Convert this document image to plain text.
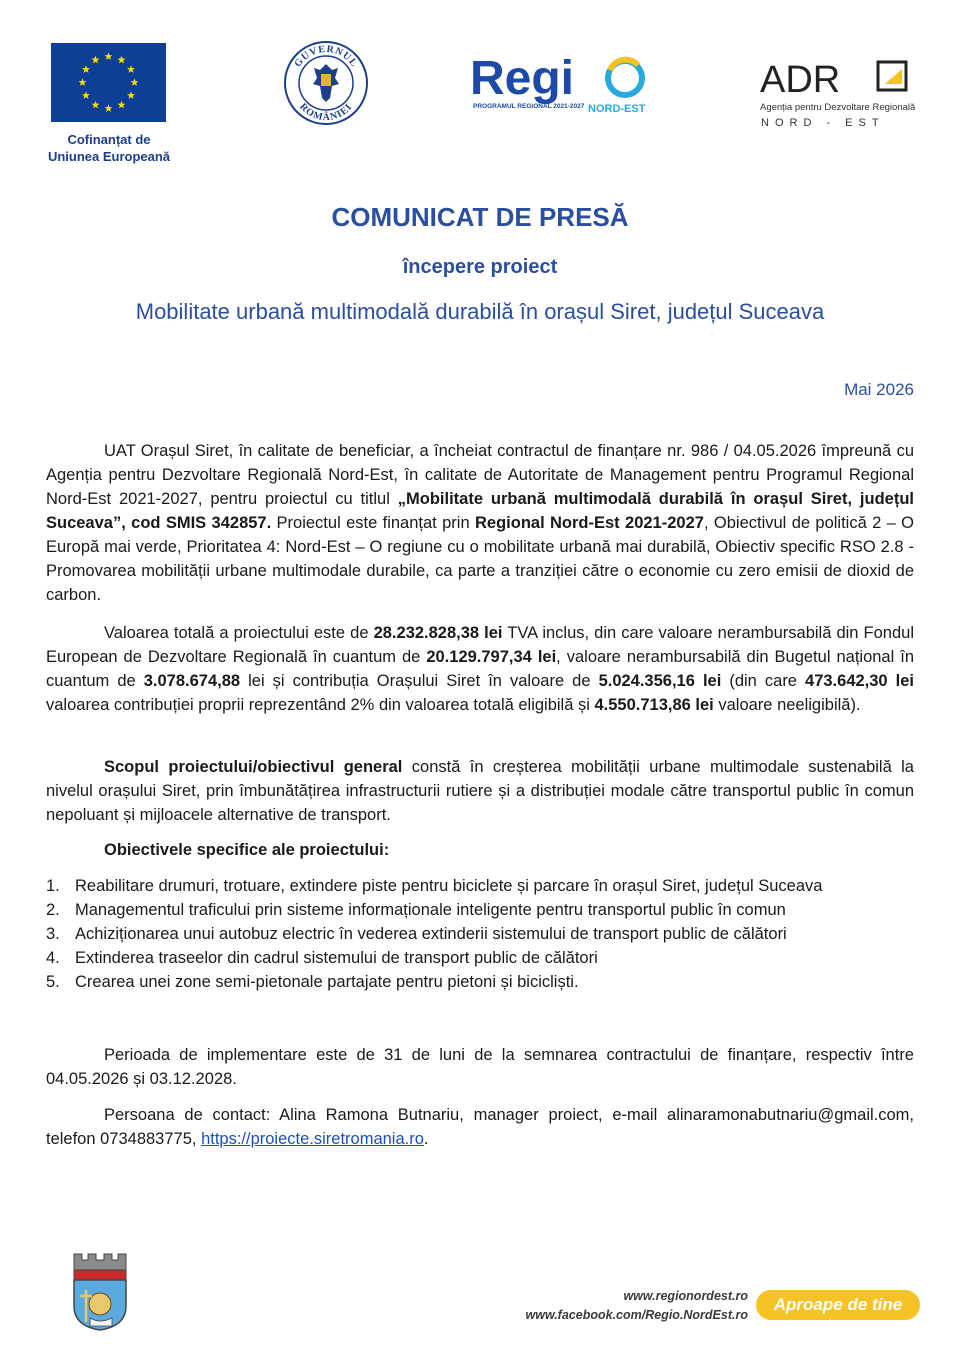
Cofinanțat de
Uniunea Europeană
GUVERNUL
ROMÂNIEI
Regi
PROGRAMUL REGIONAL 2021-2027 NORD-EST
ADR
Agenția pentru Dezvoltare Regională
NORD - EST
COMUNICAT DE PRESĂ
începere proiect
Mobilitate urbană multimodală durabilă în orașul Siret, județul Suceava
Mai 2026
UAT Orașul Siret, în calitate de beneficiar, a încheiat contractul de finanțare nr. 986 / 04.05.2026 împreună cu Agenția pentru Dezvoltare Regională Nord-Est, în calitate de Autoritate de Management pentru Programul Regional Nord-Est 2021-2027, pentru proiectul cu titlul „Mobilitate urbană multimodală durabilă în orașul Siret, județul Suceava”, cod SMIS 342857. Proiectul este finanțat prin Regional Nord-Est 2021-2027, Obiectivul de politică 2 – O Europă mai verde, Prioritatea 4: Nord-Est – O regiune cu o mobilitate urbană mai durabilă, Obiectiv specific RSO 2.8 - Promovarea mobilității urbane multimodale durabile, ca parte a tranziției către o economie cu zero emisii de dioxid de carbon.
Valoarea totală a proiectului este de 28.232.828,38 lei TVA inclus, din care valoare nerambursabilă din Fondul European de Dezvoltare Regională în cuantum de 20.129.797,34 lei, valoare nerambursabilă din Bugetul național în cuantum de 3.078.674,88 lei și contribuția Orașului Siret în valoare de 5.024.356,16 lei (din care 473.642,30 lei valoarea contribuției proprii reprezentând 2% din valoarea totală eligibilă și 4.550.713,86 lei valoare neeligibilă).
Scopul proiectului/obiectivul general constă în creșterea mobilității urbane multimodale sustenabilă la nivelul orașului Siret, prin îmbunătățirea infrastructurii rutiere și a distribuției modale către transportul public în comun nepoluant și mijloacele alternative de transport.
Obiectivele specifice ale proiectului:
1. Reabilitare drumuri, trotuare, extindere piste pentru biciclete și parcare în orașul Siret, județul Suceava
2. Managementul traficului prin sisteme informaționale inteligente pentru transportul public în comun
3. Achiziționarea unui autobuz electric în vederea extinderii sistemului de transport public de călători
4. Extinderea traseelor din cadrul sistemului de transport public de călători
5. Crearea unei zone semi-pietonale partajate pentru pietoni și bicicliști.
Perioada de implementare este de 31 de luni de la semnarea contractului de finanțare, respectiv între 04.05.2026 și 03.12.2028.
Persoana de contact: Alina Ramona Butnariu, manager proiect, e-mail alinaramonabutnariu@gmail.com, telefon 0734883775, https://proiecte.siretromania.ro.
www.regionordest.ro
www.facebook.com/Regio.NordEst.ro
Aproape de tine
